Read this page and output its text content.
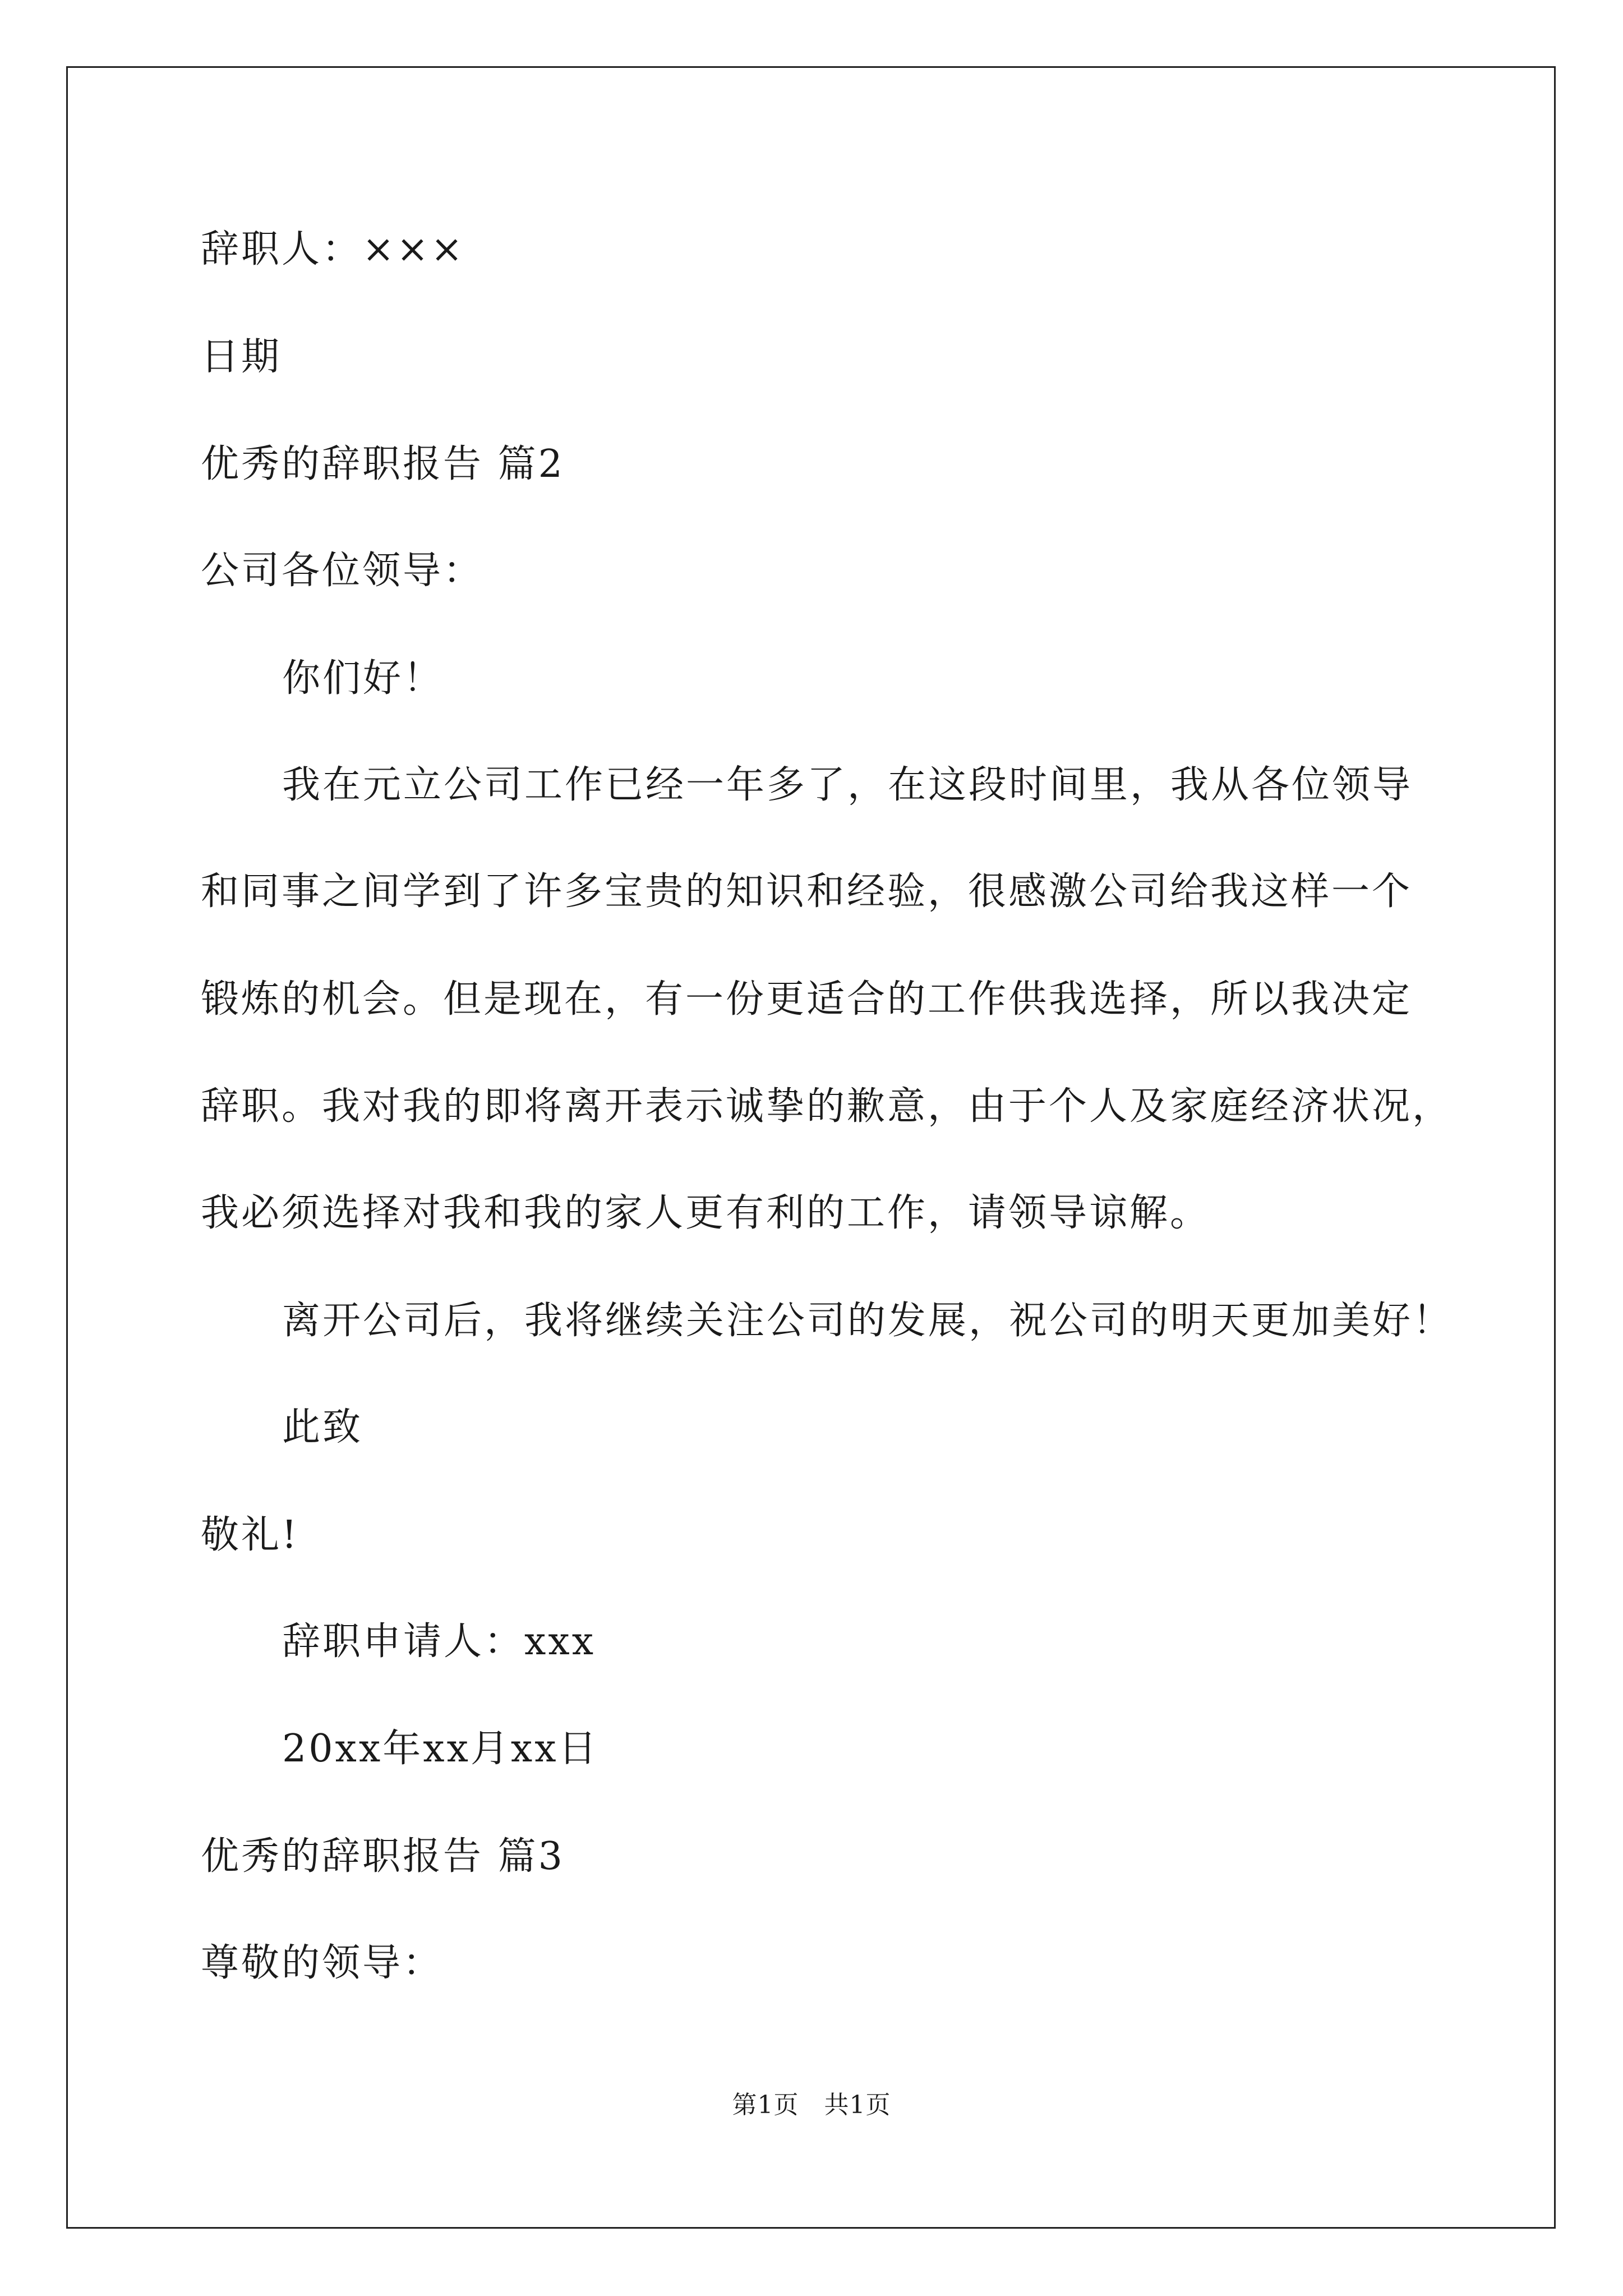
辞职人：×××
日期
优秀的辞职报告 篇2
公司各位领导：
你们好！
我在元立公司工作已经一年多了，在这段时间里，我从各位领导
和同事之间学到了许多宝贵的知识和经验，很感激公司给我这样一个
锻炼的机会。但是现在，有一份更适合的工作供我选择，所以我决定
辞职。我对我的即将离开表示诚挚的歉意，由于个人及家庭经济状况，
我必须选择对我和我的家人更有利的工作，请领导谅解。
离开公司后，我将继续关注公司的发展，祝公司的明天更加美好！
此致
敬礼!
辞职申请人：xxx
20xx年xx月xx日
优秀的辞职报告 篇3
尊敬的领导：
第1页　共1页
